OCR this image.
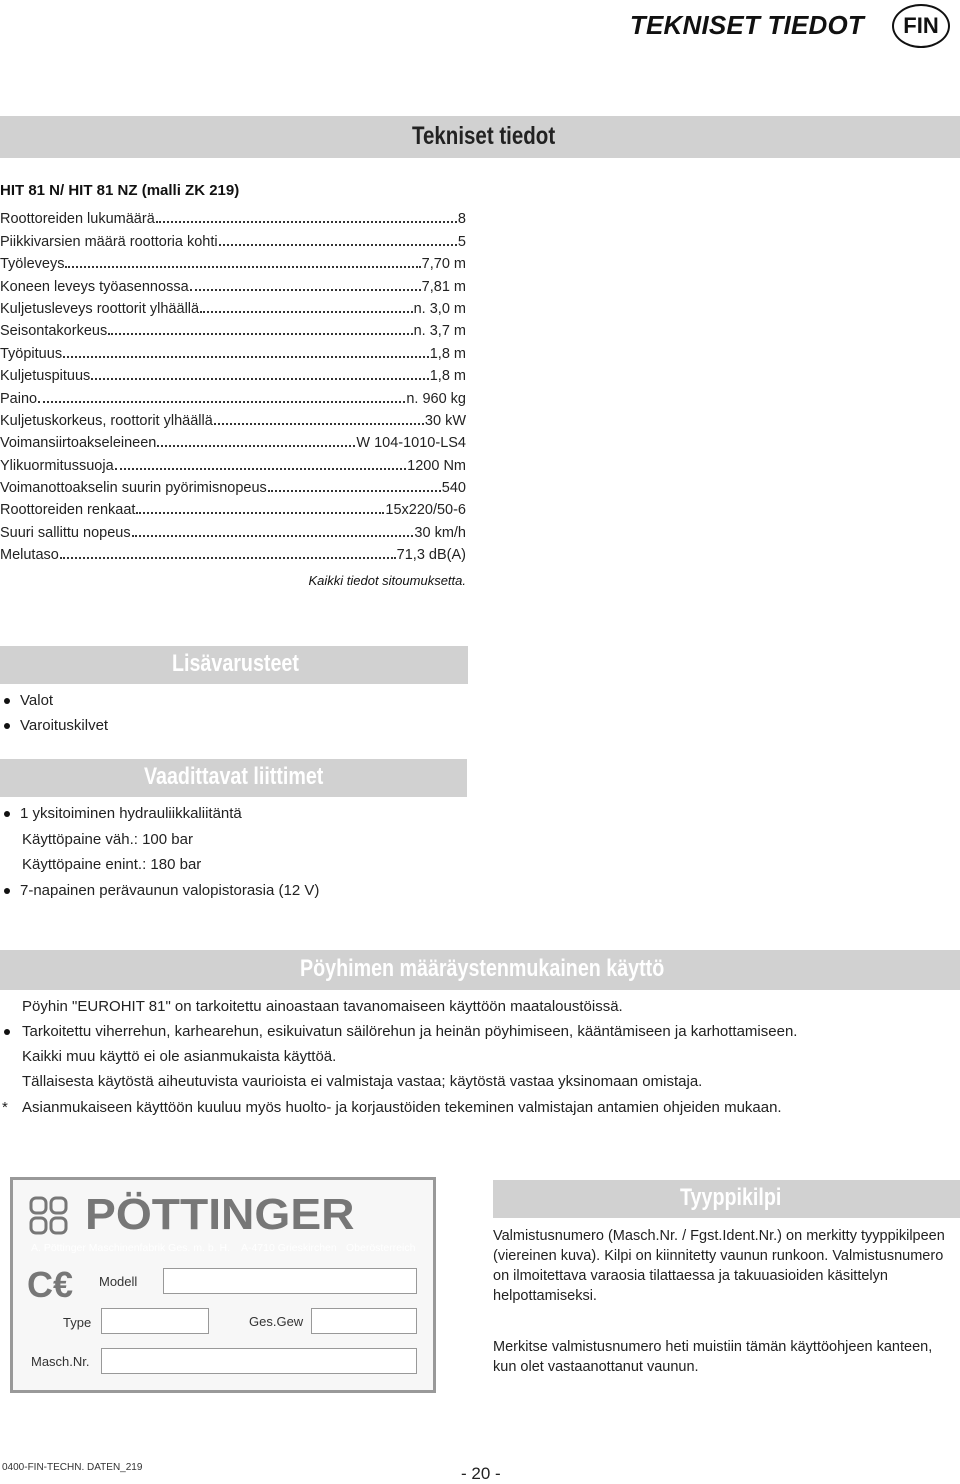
TEKNISET TIEDOT	FIN
Tekniset tiedot
HIT 81 N/ HIT 81 NZ (malli ZK 219)
Roottoreiden lukumäärä	8
Piikkivarsien määrä roottoria kohti	5
Työleveys	7,70 m
Koneen leveys työasennossa	7,81 m
Kuljetusleveys roottorit ylhäällä	n. 3,0 m
Seisontakorkeus	n. 3,7 m
Työpituus	1,8 m
Kuljetuspituus	1,8 m
Paino	n. 960 kg
Kuljetuskorkeus, roottorit ylhäällä	30 kW
Voimansiirtoakseleineen	W 104-1010-LS4
Ylikuormitussuoja	1200 Nm
Voimanottoakselin suurin pyörimisnopeus	540
Roottoreiden renkaat	15x220/50-6
Suuri sallittu nopeus	30 km/h
Melutaso	71,3 dB(A)
Kaikki tiedot sitoumuksetta.
Lisävarusteet
Valot
Varoituskilvet
Vaadittavat liittimet
1 yksitoiminen hydrauliikkaliitäntä
Käyttöpaine väh.: 100 bar
Käyttöpaine enint.: 180 bar
7-napainen perävaunun valopistorasia (12 V)
Pöyhimen määräystenmukainen käyttö
Pöyhin "EUROHIT 81" on tarkoitettu ainoastaan tavanomaiseen käyttöön maataloustöissä.
Tarkoitettu viherrehun, karhearehun, esikuivatun säilörehun ja heinän pöyhimiseen, kääntämiseen ja karhottamiseen.
Kaikki muu käyttö ei ole asianmukaista käyttöä.
Tällaisesta käytöstä aiheutuvista vaurioista ei valmistaja vastaa; käytöstä vastaa yksinomaan omistaja.
* Asianmukaiseen käyttöön kuuluu myös huolto- ja korjaustöiden tekeminen valmistajan antamien ohjeiden mukaan.
PÖTTINGER
A. Pöttinger Maschinenfabrik Ges. m. b. H. A-4710 Grieskirchen Oberösterreich
C€ Modell
Type	Ges.Gew
Masch.Nr.
Tyyppikilpi
Valmistusnumero (Masch.Nr. / Fgst.Ident.Nr.) on merkitty tyyppikilpeen (viereinen kuva). Kilpi on kiinnitetty vaunun runkoon. Valmistusnumero on ilmoitettava varaosia tilattaessa ja takuuasioiden käsittelyn helpottamiseksi.
Merkitse valmistusnumero heti muistiin tämän käyttöohjeen kanteen, kun olet vastaanottanut vaunun.
0400-FIN-TECHN. DATEN_219	- 20 -
